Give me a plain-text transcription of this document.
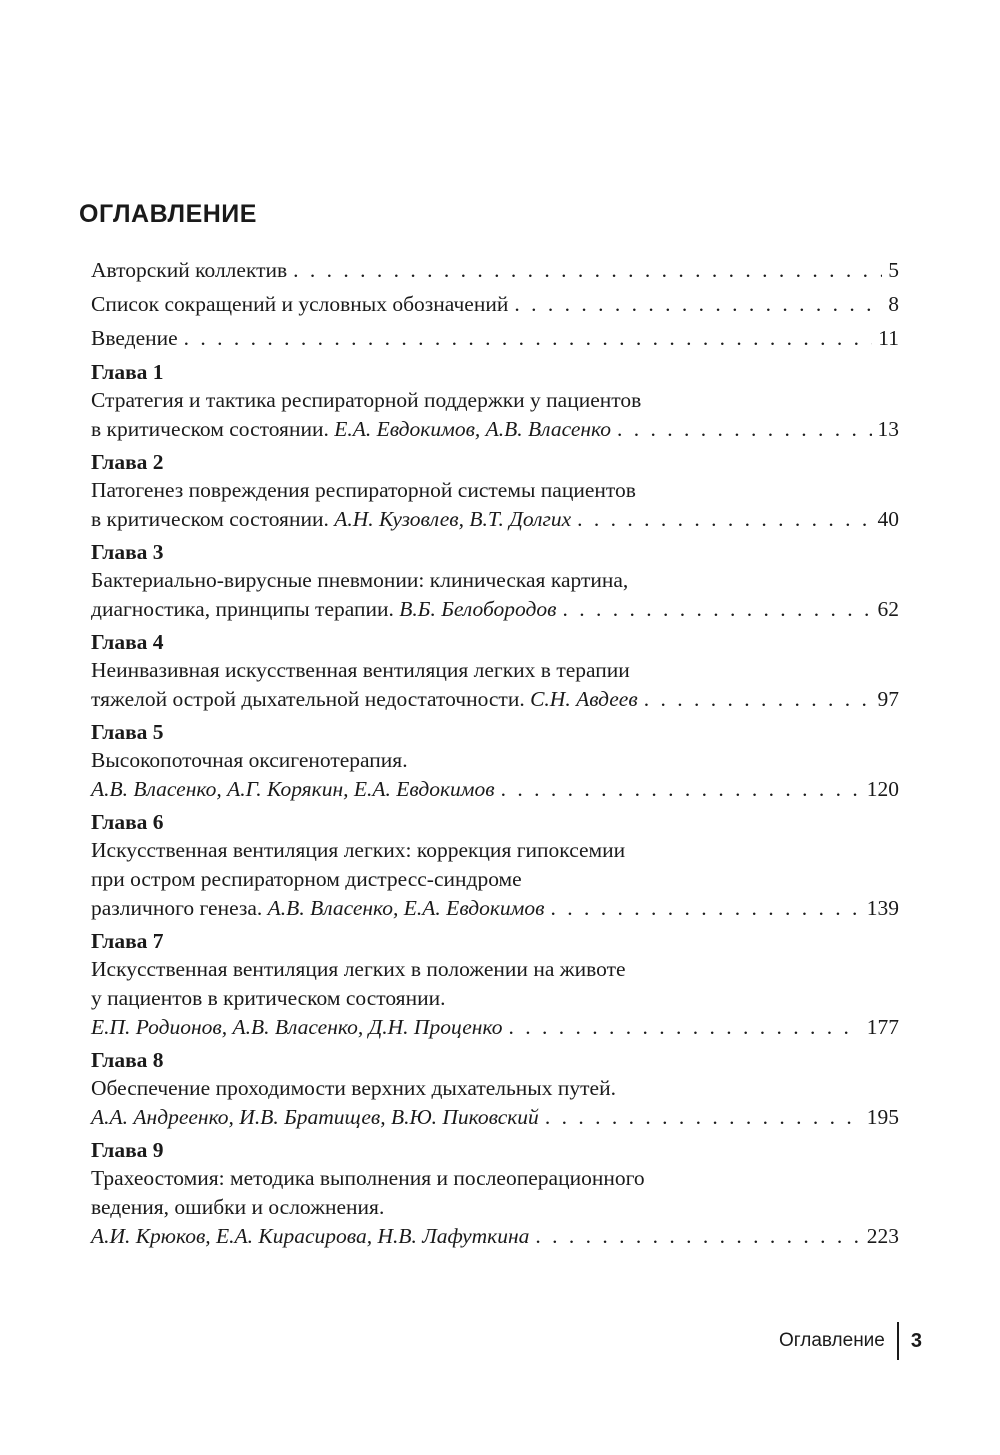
ОГЛАВЛЕНИЕ
Авторский коллектив . . .	5
Список сокращений и условных обозначений . . .	8
Введение . . .	11
Глава 1
Стратегия и тактика респираторной поддержки у пациентов
в критическом состоянии. Е.А. Евдокимов, А.В. Власенко . . .	13
Глава 2
Патогенез повреждения респираторной системы пациентов
в критическом состоянии. А.Н. Кузовлев, В.Т. Долгих . . .	40
Глава 3
Бактериально-вирусные пневмонии: клиническая картина,
диагностика, принципы терапии. В.Б. Белобородов . . .	62
Глава 4
Неинвазивная искусственная вентиляция легких в терапии
тяжелой острой дыхательной недостаточности. С.Н. Авдеев . . .	97
Глава 5
Высокопоточная оксигенотерапия.
А.В. Власенко, А.Г. Корякин, Е.А. Евдокимов . . .	120
Глава 6
Искусственная вентиляция легких: коррекция гипоксемии
при остром респираторном дистресс-синдроме
различного генеза. А.В. Власенко, Е.А. Евдокимов . . .	139
Глава 7
Искусственная вентиляция легких в положении на животе
у пациентов в критическом состоянии.
Е.П. Родионов, А.В. Власенко, Д.Н. Проценко . . .	177
Глава 8
Обеспечение проходимости верхних дыхательных путей.
А.А. Андреенко, И.В. Братищев, В.Ю. Пиковский . . .	195
Глава 9
Трахеостомия: методика выполнения и послеоперационного
ведения, ошибки и осложнения.
А.И. Крюков, Е.А. Кирасирова, Н.В. Лафуткина . . .	223
Оглавление	3
